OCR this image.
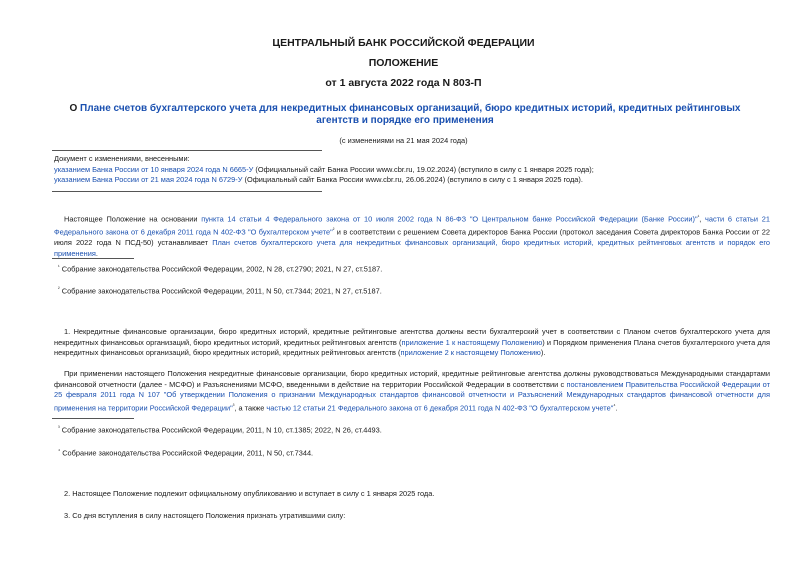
ЦЕНТРАЛЬНЫЙ БАНК РОССИЙСКОЙ ФЕДЕРАЦИИ
ПОЛОЖЕНИЕ
от 1 августа 2022 года N 803-П
О Плане счетов бухгалтерского учета для некредитных финансовых организаций, бюро кредитных историй, кредитных рейтинговых агентств и порядке его применения
(с изменениями на 21 мая 2024 года)
Документ с изменениями, внесенными:
указанием Банка России от 10 января 2024 года N 6665-У (Официальный сайт Банка России www.cbr.ru, 19.02.2024) (вступило в силу с 1 января 2025 года);
указанием Банка России от 21 мая 2024 года N 6729-У (Официальный сайт Банка России www.cbr.ru, 26.06.2024) (вступило в силу с 1 января 2025 года).
Настоящее Положение на основании пункта 14 статьи 4 Федерального закона от 10 июля 2002 года N 86-ФЗ "О Центральном банке Российской Федерации (Банке России)"$^{^1}$, части 6 статьи 21 Федерального закона от 6 декабря 2011 года N 402-ФЗ "О бухгалтерском учете"$^{^2}$ и в соответствии с решением Совета директоров Банка России (протокол заседания Совета директоров Банка России от 22 июля 2022 года N ПСД-50) устанавливает План счетов бухгалтерского учета для некредитных финансовых организаций, бюро кредитных историй, кредитных рейтинговых агентств и порядок его применения.
$^{^1}$ Собрание законодательства Российской Федерации, 2002, N 28, ст.2790; 2021, N 27, ст.5187.
$^{^2}$ Собрание законодательства Российской Федерации, 2011, N 50, ст.7344; 2021, N 27, ст.5187.
1. Некредитные финансовые организации, бюро кредитных историй, кредитные рейтинговые агентства должны вести бухгалтерский учет в соответствии с Планом счетов бухгалтерского учета для некредитных финансовых организаций, бюро кредитных историй, кредитных рейтинговых агентств (приложение 1 к настоящему Положению) и Порядком применения Плана счетов бухгалтерского учета для некредитных финансовых организаций, бюро кредитных историй, кредитных рейтинговых агентств (приложение 2 к настоящему Положению).
При применении настоящего Положения некредитные финансовые организации, бюро кредитных историй, кредитные рейтинговые агентства должны руководствоваться Международными стандартами финансовой отчетности (далее - МСФО) и Разъяснениями МСФО, введенными в действие на территории Российской Федерации в соответствии с постановлением Правительства Российской Федерации от 25 февраля 2011 года N 107 "Об утверждении Положения о признании Международных стандартов финансовой отчетности и Разъяснений Международных стандартов финансовой отчетности для применения на территории Российской Федерации"$^{^3}$, а также частью 12 статьи 21 Федерального закона от 6 декабря 2011 года N 402-ФЗ "О бухгалтерском учете"$^{^4}$.
$^{^3}$ Собрание законодательства Российской Федерации, 2011, N 10, ст.1385; 2022, N 26, ст.4493.
$^{^4}$ Собрание законодательства Российской Федерации, 2011, N 50, ст.7344.
2. Настоящее Положение подлежит официальному опубликованию и вступает в силу с 1 января 2025 года.
3. Со дня вступления в силу настоящего Положения признать утратившими силу:
